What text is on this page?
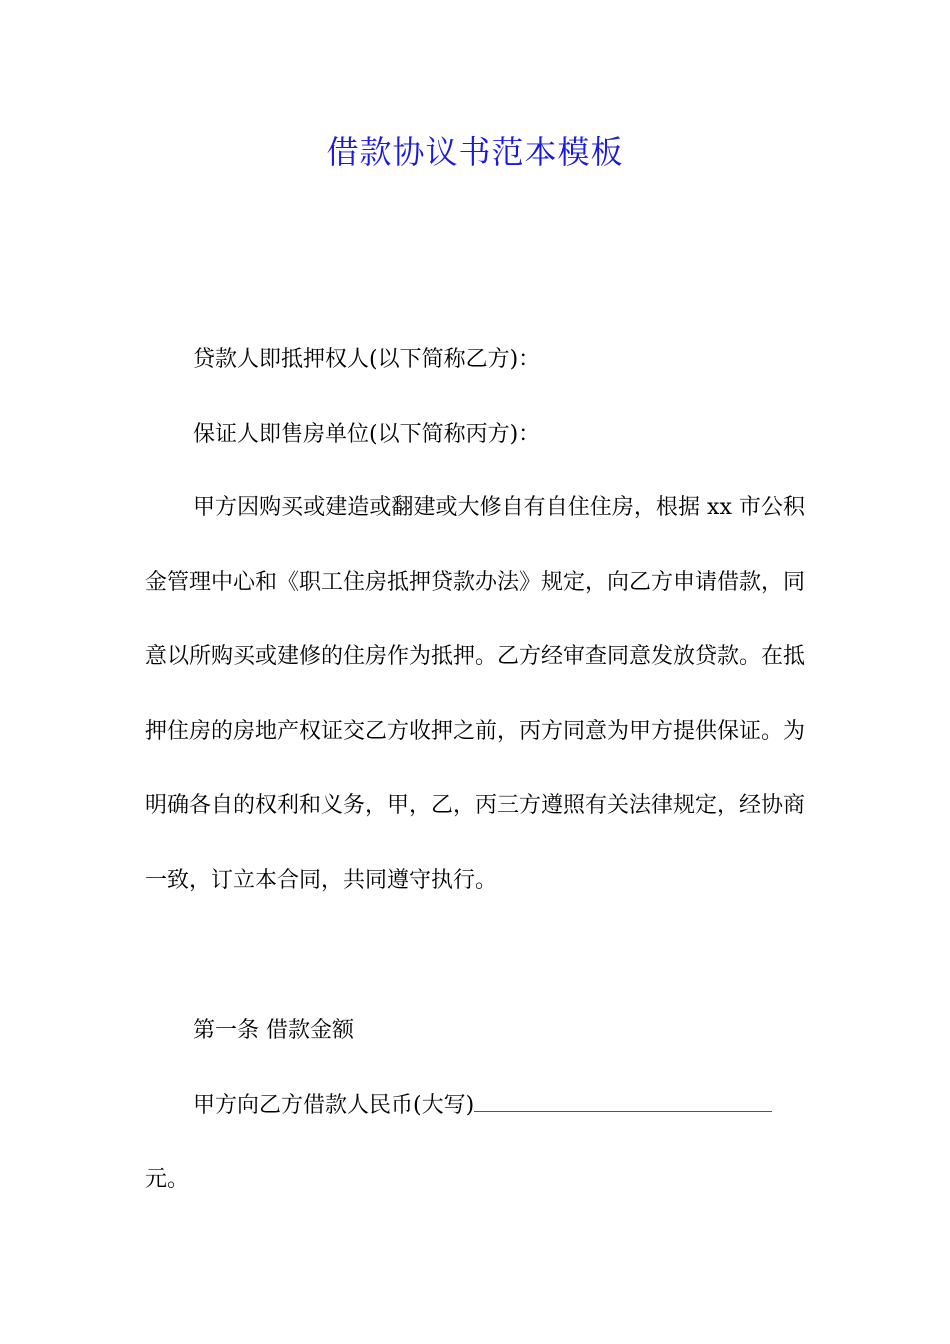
借款协议书范本模板

贷款人即抵押权人(以下简称乙方)：

保证人即售房单位(以下简称丙方)：

甲方因购买或建造或翻建或大修自有自住住房，根据 xx 市公积金管理中心和《职工住房抵押贷款办法》规定，向乙方申请借款，同意以所购买或建修的住房作为抵押。乙方经审查同意发放贷款。在抵押住房的房地产权证交乙方收押之前，丙方同意为甲方提供保证。为明确各自的权利和义务，甲，乙，丙三方遵照有关法律规定，经协商一致，订立本合同，共同遵守执行。

第一条 借款金额

甲方向乙方借款人民币(大写)

元。
